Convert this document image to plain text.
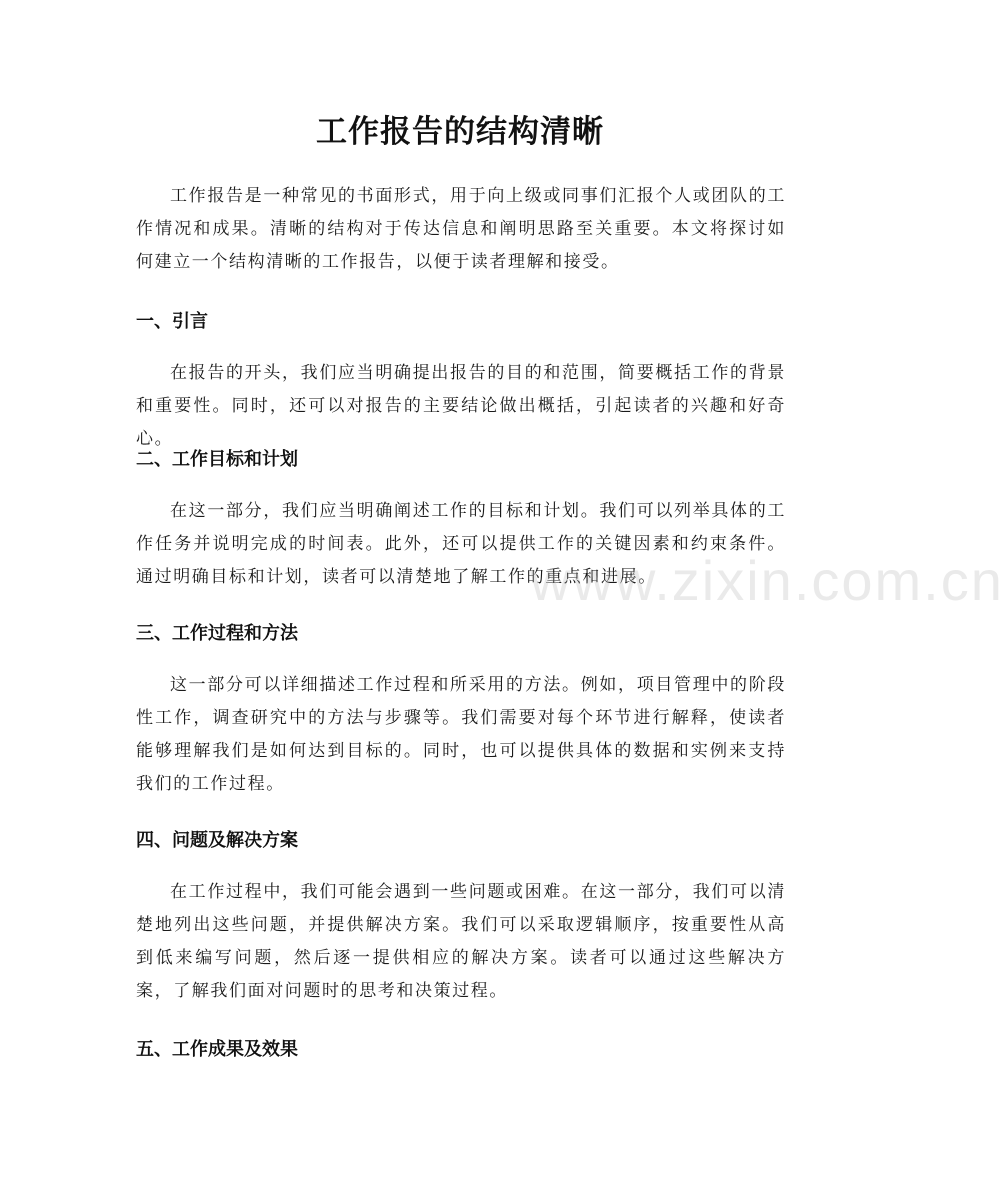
工作报告的结构清晰

工作报告是一种常见的书面形式，用于向上级或同事们汇报个人或团队的工作情况和成果。清晰的结构对于传达信息和阐明思路至关重要。本文将探讨如何建立一个结构清晰的工作报告，以便于读者理解和接受。

一、引言

在报告的开头，我们应当明确提出报告的目的和范围，简要概括工作的背景和重要性。同时，还可以对报告的主要结论做出概括，引起读者的兴趣和好奇心。

二、工作目标和计划

在这一部分，我们应当明确阐述工作的目标和计划。我们可以列举具体的工作任务并说明完成的时间表。此外，还可以提供工作的关键因素和约束条件。通过明确目标和计划，读者可以清楚地了解工作的重点和进展。

三、工作过程和方法

这一部分可以详细描述工作过程和所采用的方法。例如，项目管理中的阶段性工作，调查研究中的方法与步骤等。我们需要对每个环节进行解释，使读者能够理解我们是如何达到目标的。同时，也可以提供具体的数据和实例来支持我们的工作过程。

四、问题及解决方案

在工作过程中，我们可能会遇到一些问题或困难。在这一部分，我们可以清楚地列出这些问题，并提供解决方案。我们可以采取逻辑顺序，按重要性从高到低来编写问题，然后逐一提供相应的解决方案。读者可以通过这些解决方案，了解我们面对问题时的思考和决策过程。

五、工作成果及效果
www.zixin.com.cn
